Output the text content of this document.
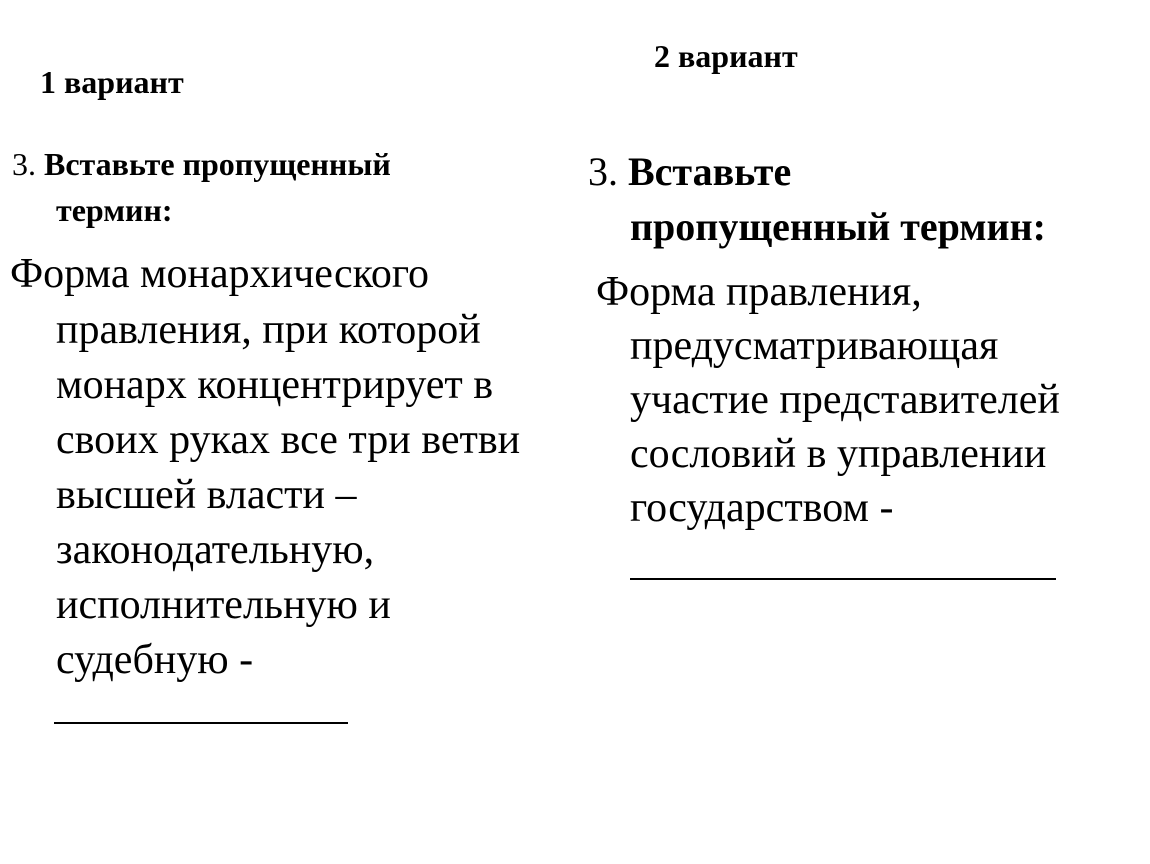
1 вариант
3. Вставьте пропущенный
термин:
Форма монархического
правления, при которой
монарх концентрирует в
своих руках все три ветви
высшей власти –
законодательную,
исполнительную и
судебную -
2 вариант
3. Вставьте
пропущенный термин:
Форма правления,
предусматривающая
участие представителей
сословий в управлении
государством -
